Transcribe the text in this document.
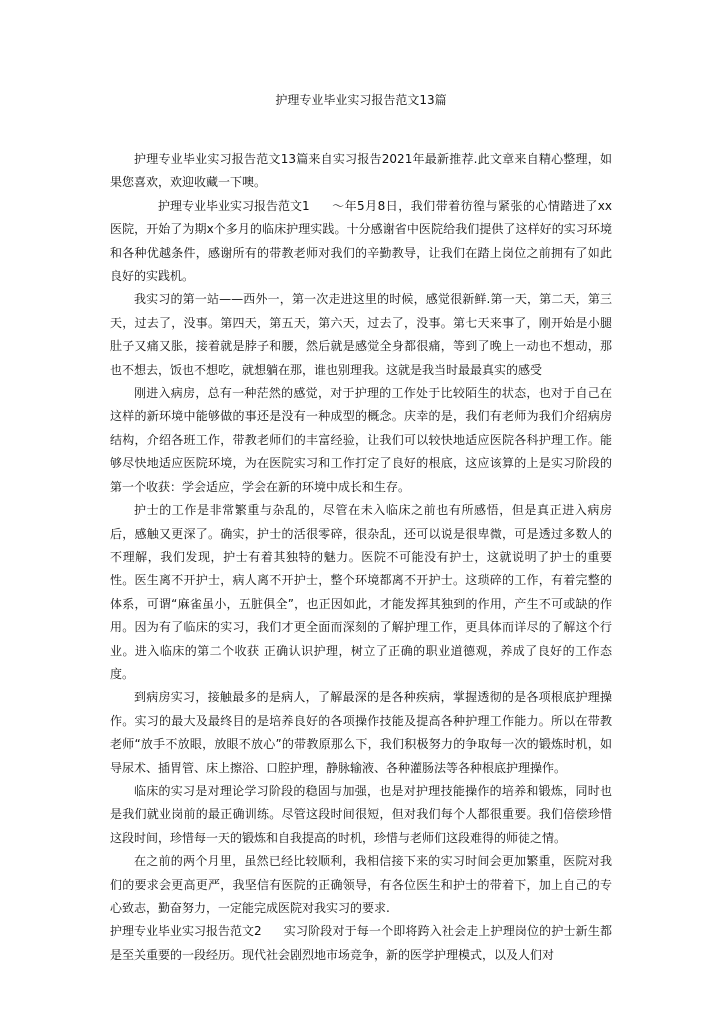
护理专业毕业实习报告范文13篇

护理专业毕业实习报告范文13篇来自实习报告2021年最新推荐.此文章来自精心整理，如果您喜欢，欢迎收藏一下噢。

护理专业毕业实习报告范文1 ～年5月8日，我们带着彷徨与紧张的心情踏进了xx医院，开始了为期x个多月的临床护理实践。十分感谢省中医院给我们提供了这样好的实习环境和各种优越条件，感谢所有的带教老师对我们的辛勤教导，让我们在踏上岗位之前拥有了如此良好的实践机。

我实习的第一站——西外一，第一次走进这里的时候，感觉很新鲜.第一天，第二天，第三天，过去了，没事。第四天，第五天，第六天，过去了，没事。第七天来事了，刚开始是小腿肚子又痛又胀，接着就是脖子和腰，然后就是感觉全身都很痛，等到了晚上一动也不想动，那也不想去，饭也不想吃，就想躺在那，谁也别理我。这就是我当时最最真实的感受

刚进入病房，总有一种茫然的感觉，对于护理的工作处于比较陌生的状态，也对于自己在这样的新环境中能够做的事还是没有一种成型的概念。庆幸的是，我们有老师为我们介绍病房结构，介绍各班工作，带教老师们的丰富经验，让我们可以较快地适应医院各科护理工作。能够尽快地适应医院环境，为在医院实习和工作打定了良好的根底，这应该算的上是实习阶段的第一个收获：学会适应，学会在新的环境中成长和生存。

护士的工作是非常繁重与杂乱的，尽管在未入临床之前也有所感悟，但是真正进入病房后，感触又更深了。确实，护士的活很零碎，很杂乱，还可以说是很卑微，可是透过多数人的不理解，我们发现，护士有着其独特的魅力。医院不可能没有护士，这就说明了护士的重要性。医生离不开护士，病人离不开护士，整个环境都离不开护士。这琐碎的工作，有着完整的体系，可谓“麻雀虽小，五脏俱全”，也正因如此，才能发挥其独到的作用，产生不可或缺的作用。因为有了临床的实习，我们才更全面而深刻的了解护理工作，更具体而详尽的了解这个行业。进入临床的第二个收获 正确认识护理，树立了正确的职业道德观，养成了良好的工作态度。

到病房实习，接触最多的是病人，了解最深的是各种疾病，掌握透彻的是各项根底护理操作。实习的最大及最终目的是培养良好的各项操作技能及提高各种护理工作能力。所以在带教老师“放手不放眼，放眼不放心”的带教原那么下，我们积极努力的争取每一次的锻炼时机，如导尿术、插胃管、床上擦浴、口腔护理，静脉输液、各种灌肠法等各种根底护理操作。

临床的实习是对理论学习阶段的稳固与加强，也是对护理技能操作的培养和锻炼，同时也是我们就业岗前的最正确训练。尽管这段时间很短，但对我们每个人都很重要。我们倍偿珍惜这段时间，珍惜每一天的锻炼和自我提高的时机，珍惜与老师们这段难得的师徒之情。

在之前的两个月里，虽然已经比较顺利，我相信接下来的实习时间会更加繁重，医院对我们的要求会更高更严，我坚信有医院的正确领导，有各位医生和护士的带着下，加上自己的专心致志，勤奋努力，一定能完成医院对我实习的要求.

护理专业毕业实习报告范文2 实习阶段对于每一个即将跨入社会走上护理岗位的护士新生都是至关重要的一段经历。现代社会剧烈地市场竞争，新的医学护理模式，以及人们对
